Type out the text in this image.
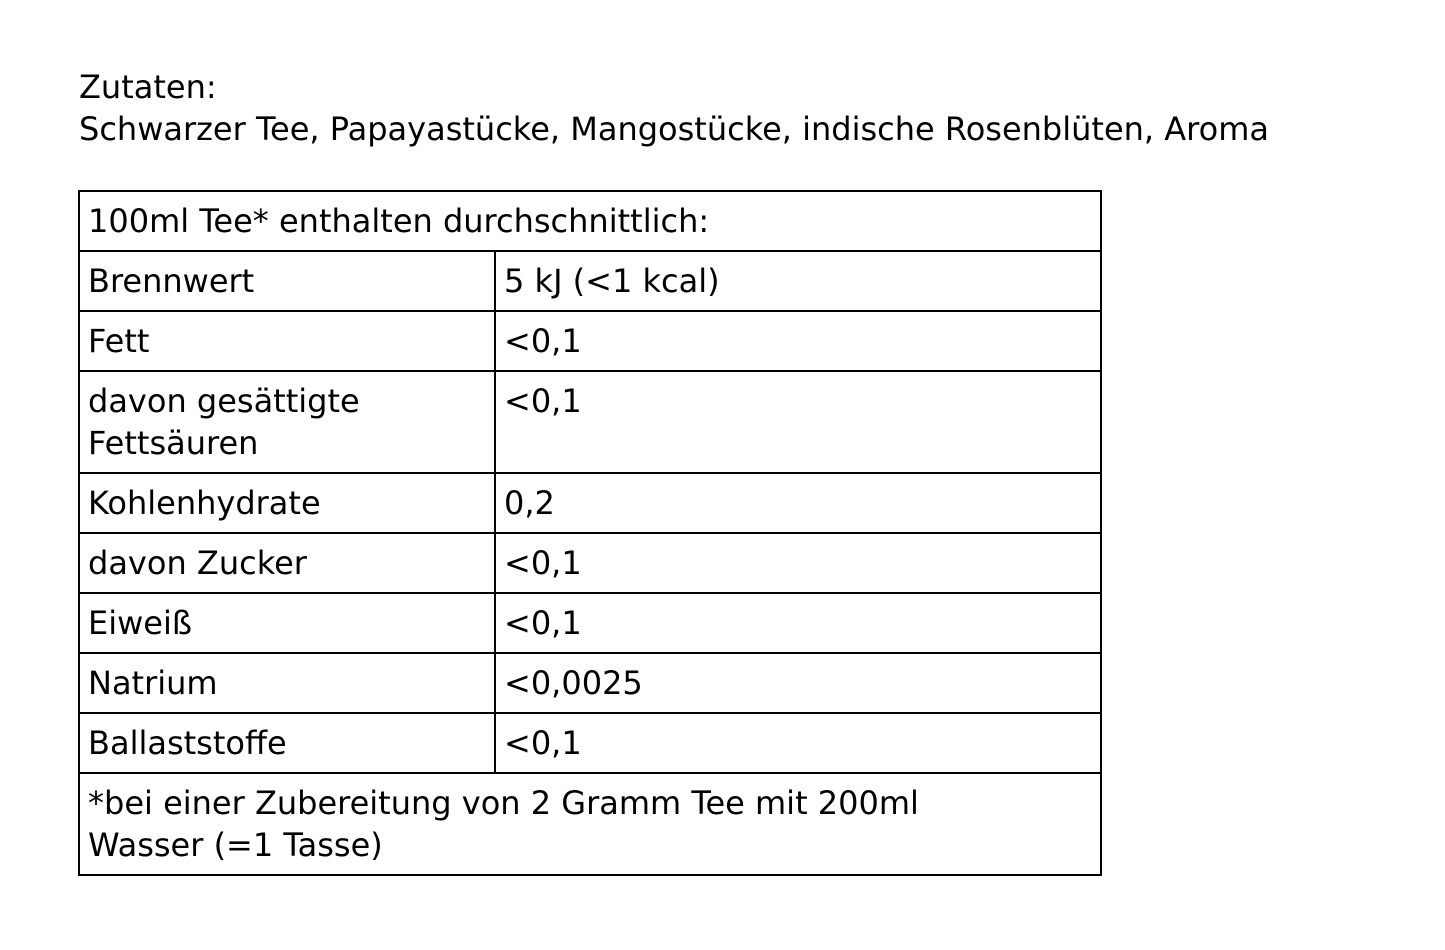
Zutaten:
Schwarzer Tee, Papayastücke, Mangostücke, indische Rosenblüten, Aroma
100ml Tee* enthalten durchschnittlich:	
Brennwert	5 kJ (<1 kcal)
Fett	<0,1
davon gesättigte Fettsäuren	<0,1
Kohlenhydrate	0,2
davon Zucker	<0,1
Eiweiß	<0,1
Natrium	<0,0025
Ballaststoffe	<0,1
*bei einer Zubereitung von 2 Gramm Tee mit 200ml Wasser (=1 Tasse)	
